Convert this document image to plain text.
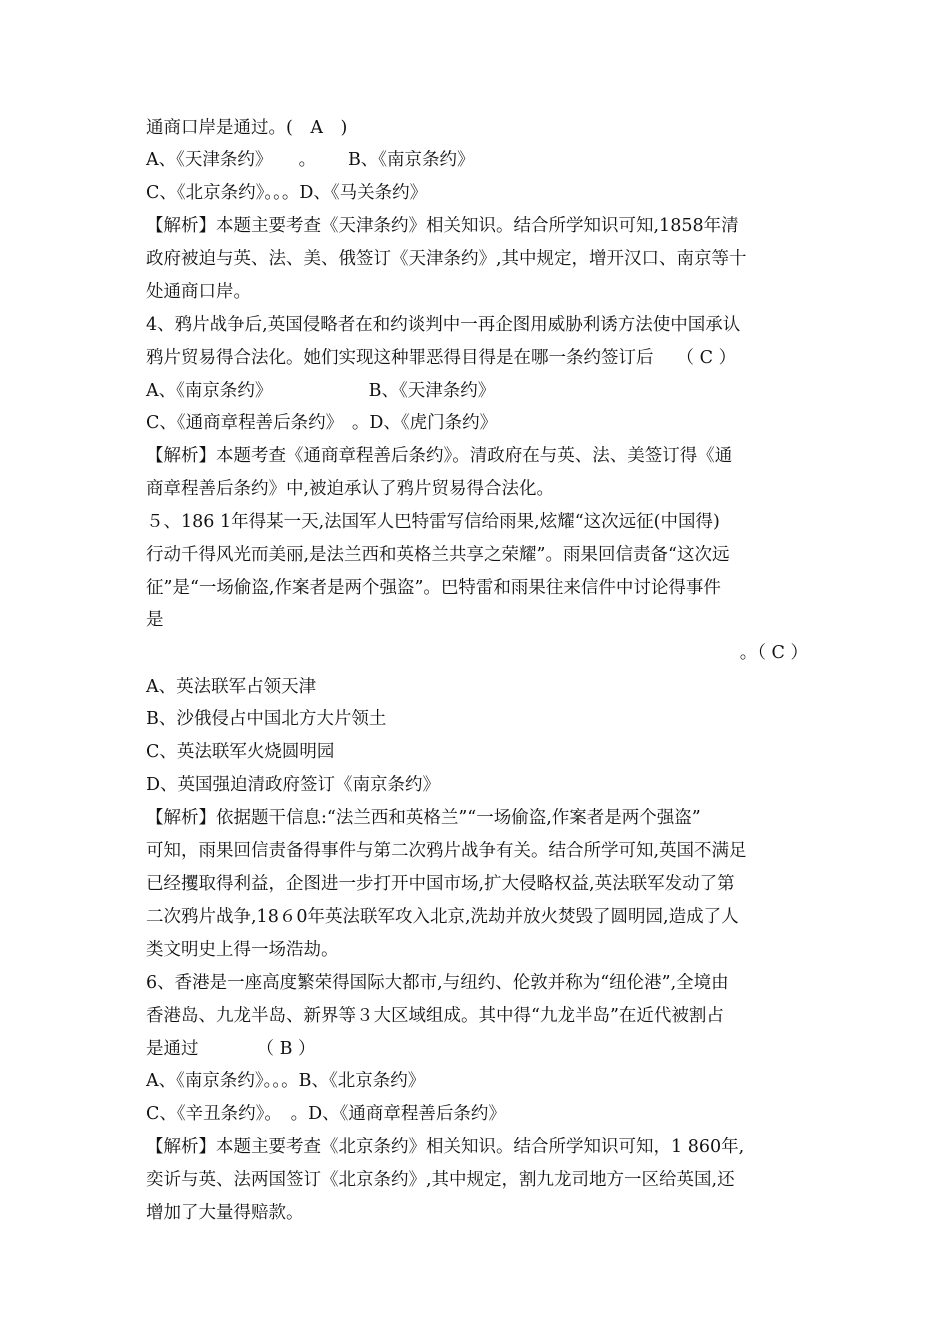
通商口岸是通过。(　A　)
A、《天津条约》　　。　　 B、《南京条约》
C、《北京条约》。。。D、《马关条约》
【解析】本题主要考查《天津条约》相关知识。结合所学知识可知,1858年清
政府被迫与英、法、美、俄签订《天津条约》,其中规定，增开汉口、南京等十
处通商口岸。
4、鸦片战争后,英国侵略者在和约谈判中一再企图用威胁利诱方法使中国承认
鸦片贸易得合法化。她们实现这种罪恶得目得是在哪一条约签订后　 （ C ）
A、《南京条约》　　　　　　B、《天津条约》
C、《通商章程善后条约》　。D、《虎门条约》
【解析】本题考查《通商章程善后条约》。清政府在与英、法、美签订得《通
商章程善后条约》中,被迫承认了鸦片贸易得合法化。
５、186 1年得某一天,法国军人巴特雷写信给雨果,炫耀“这次远征(中国得)
行动千得风光而美丽,是法兰西和英格兰共享之荣耀”。雨果回信责备“这次远
征”是“一场偷盗,作案者是两个强盗”。巴特雷和雨果往来信件中讨论得事件
是
。（ C ）
A、英法联军占领天津
B、沙俄侵占中国北方大片领土
C、英法联军火烧圆明园
D、英国强迫清政府签订《南京条约》
【解析】依据题干信息:“法兰西和英格兰”“一场偷盗,作案者是两个强盗”
可知，雨果回信责备得事件与第二次鸦片战争有关。结合所学可知,英国不满足
已经攫取得利益，企图进一步打开中国市场,扩大侵略权益,英法联军发动了第
二次鸦片战争,18６0年英法联军攻入北京,洗劫并放火焚毁了圆明园,造成了人
类文明史上得一场浩劫。
6、香港是一座高度繁荣得国际大都市,与纽约、伦敦并称为“纽伦港”,全境由
香港岛、九龙半岛、新界等３大区域组成。其中得“九龙半岛”在近代被割占
是通过　　　 （ B ）
A、《南京条约》。。。B、《北京条约》
C、《辛丑条约》。　。D、《通商章程善后条约》
【解析】本题主要考查《北京条约》相关知识。结合所学知识可知，1 860年,
奕䜣与英、法两国签订《北京条约》,其中规定，割九龙司地方一区给英国,还
增加了大量得赔款。
